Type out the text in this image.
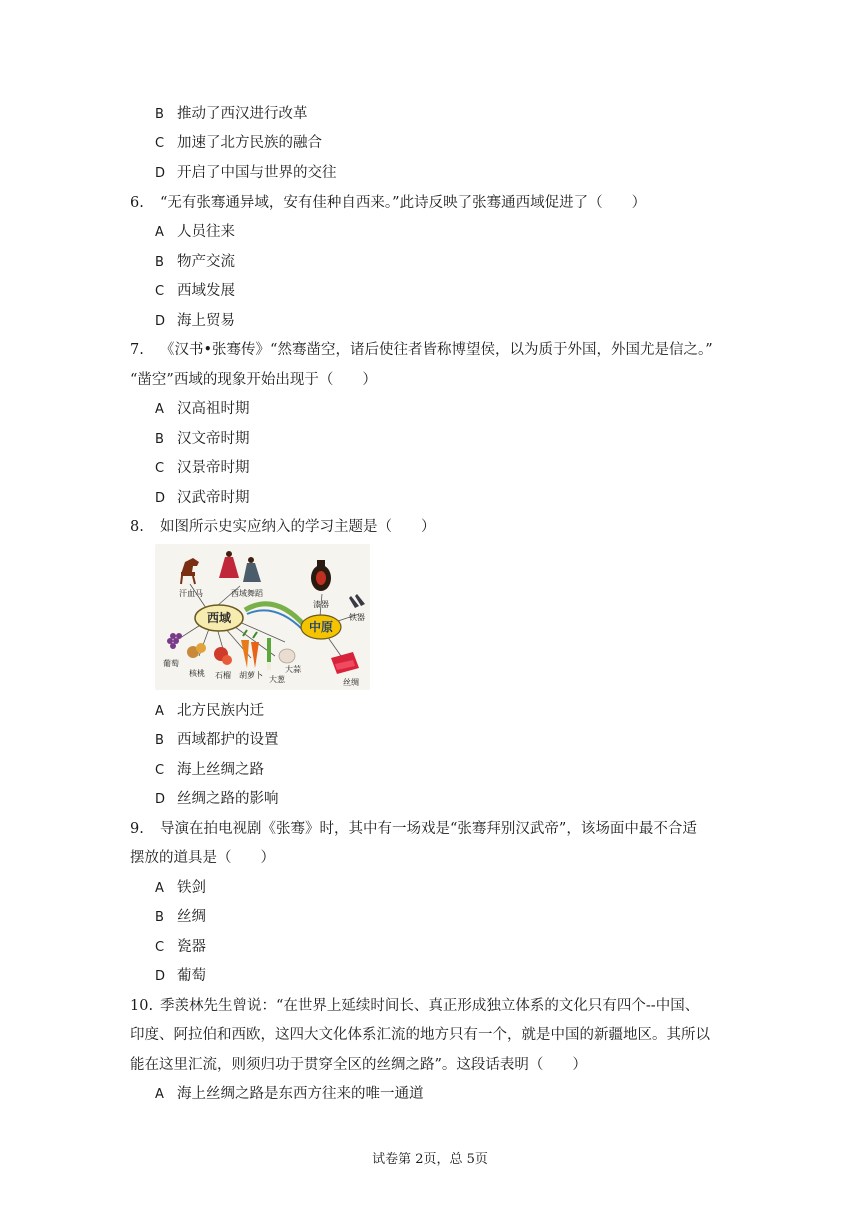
B 推动了西汉进行改革
C 加速了北方民族的融合
D 开启了中国与世界的交往
6. “无有张骞通异域，安有佳种自西来。”此诗反映了张骞通西域促进了（　　）
A 人员往来
B 物产交流
C 西域发展
D 海上贸易
7. 《汉书•张骞传》“然骞凿空，诸后使往者皆称博望侯，以为质于外国，外国尤是信之。”
“凿空”西域的现象开始出现于（　　）
A 汉高祖时期
B 汉文帝时期
C 汉景帝时期
D 汉武帝时期
8. 如图所示史实应纳入的学习主题是（　　）
西域
中原
汗血马	西域舞蹈
漆器
铁器
丝绸
葡萄
核桃 石榴 胡萝卜 大葱
大蒜
A 北方民族内迁
B 西域都护的设置
C 海上丝绸之路
D 丝绸之路的影响
9. 导演在拍电视剧《张骞》时，其中有一场戏是“张骞拜别汉武帝”，该场面中最不合适
摆放的道具是（　　）
A 铁剑
B 丝绸
C 瓷器
D 葡萄
10. 季羡林先生曾说：“在世界上延续时间长、真正形成独立体系的文化只有四个--中国、
印度、阿拉伯和西欧，这四大文化体系汇流的地方只有一个，就是中国的新疆地区。其所以
能在这里汇流，则须归功于贯穿全区的丝绸之路”。这段话表明（　　）
A 海上丝绸之路是东西方往来的唯一通道
试卷第 2页，总 5页
